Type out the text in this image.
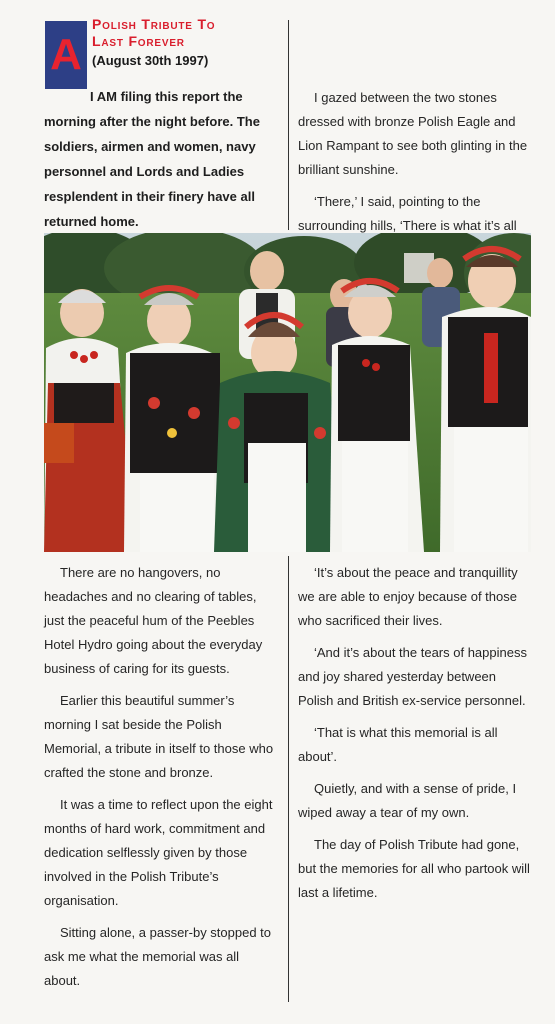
A
Polish Tribute To
Last Forever
(August 30th 1997)

I AM filing this report the morning after the night before. The soldiers, airmen and women, navy personnel and Lords and Ladies resplendent in their finery have all returned home.

I gazed between the two stones dressed with bronze Polish Eagle and Lion Rampant to see both glinting in the brilliant sunshine.

‘There,’ I said, pointing to the surrounding hills, ‘There is what it’s all

There are no hangovers, no headaches and no clearing of tables, just the peaceful hum of the Peebles Hotel Hydro going about the everyday business of caring for its guests.

Earlier this beautiful summer’s morning I sat beside the Polish Memorial, a tribute in itself to those who crafted the stone and bronze.

It was a time to reflect upon the eight months of hard work, commitment and dedication selflessly given by those involved in the Polish Tribute’s organisation.

Sitting alone, a passer-by stopped to ask me what the memorial was all about.

‘It’s about the peace and tranquillity we are able to enjoy because of those who sacrificed their lives.

‘And it’s about the tears of happiness and joy shared yesterday between Polish and British ex-service personnel.

‘That is what this memorial is all about’.

Quietly, and with a sense of pride, I wiped away a tear of my own.

The day of Polish Tribute had gone, but the memories for all who partook will last a lifetime.
